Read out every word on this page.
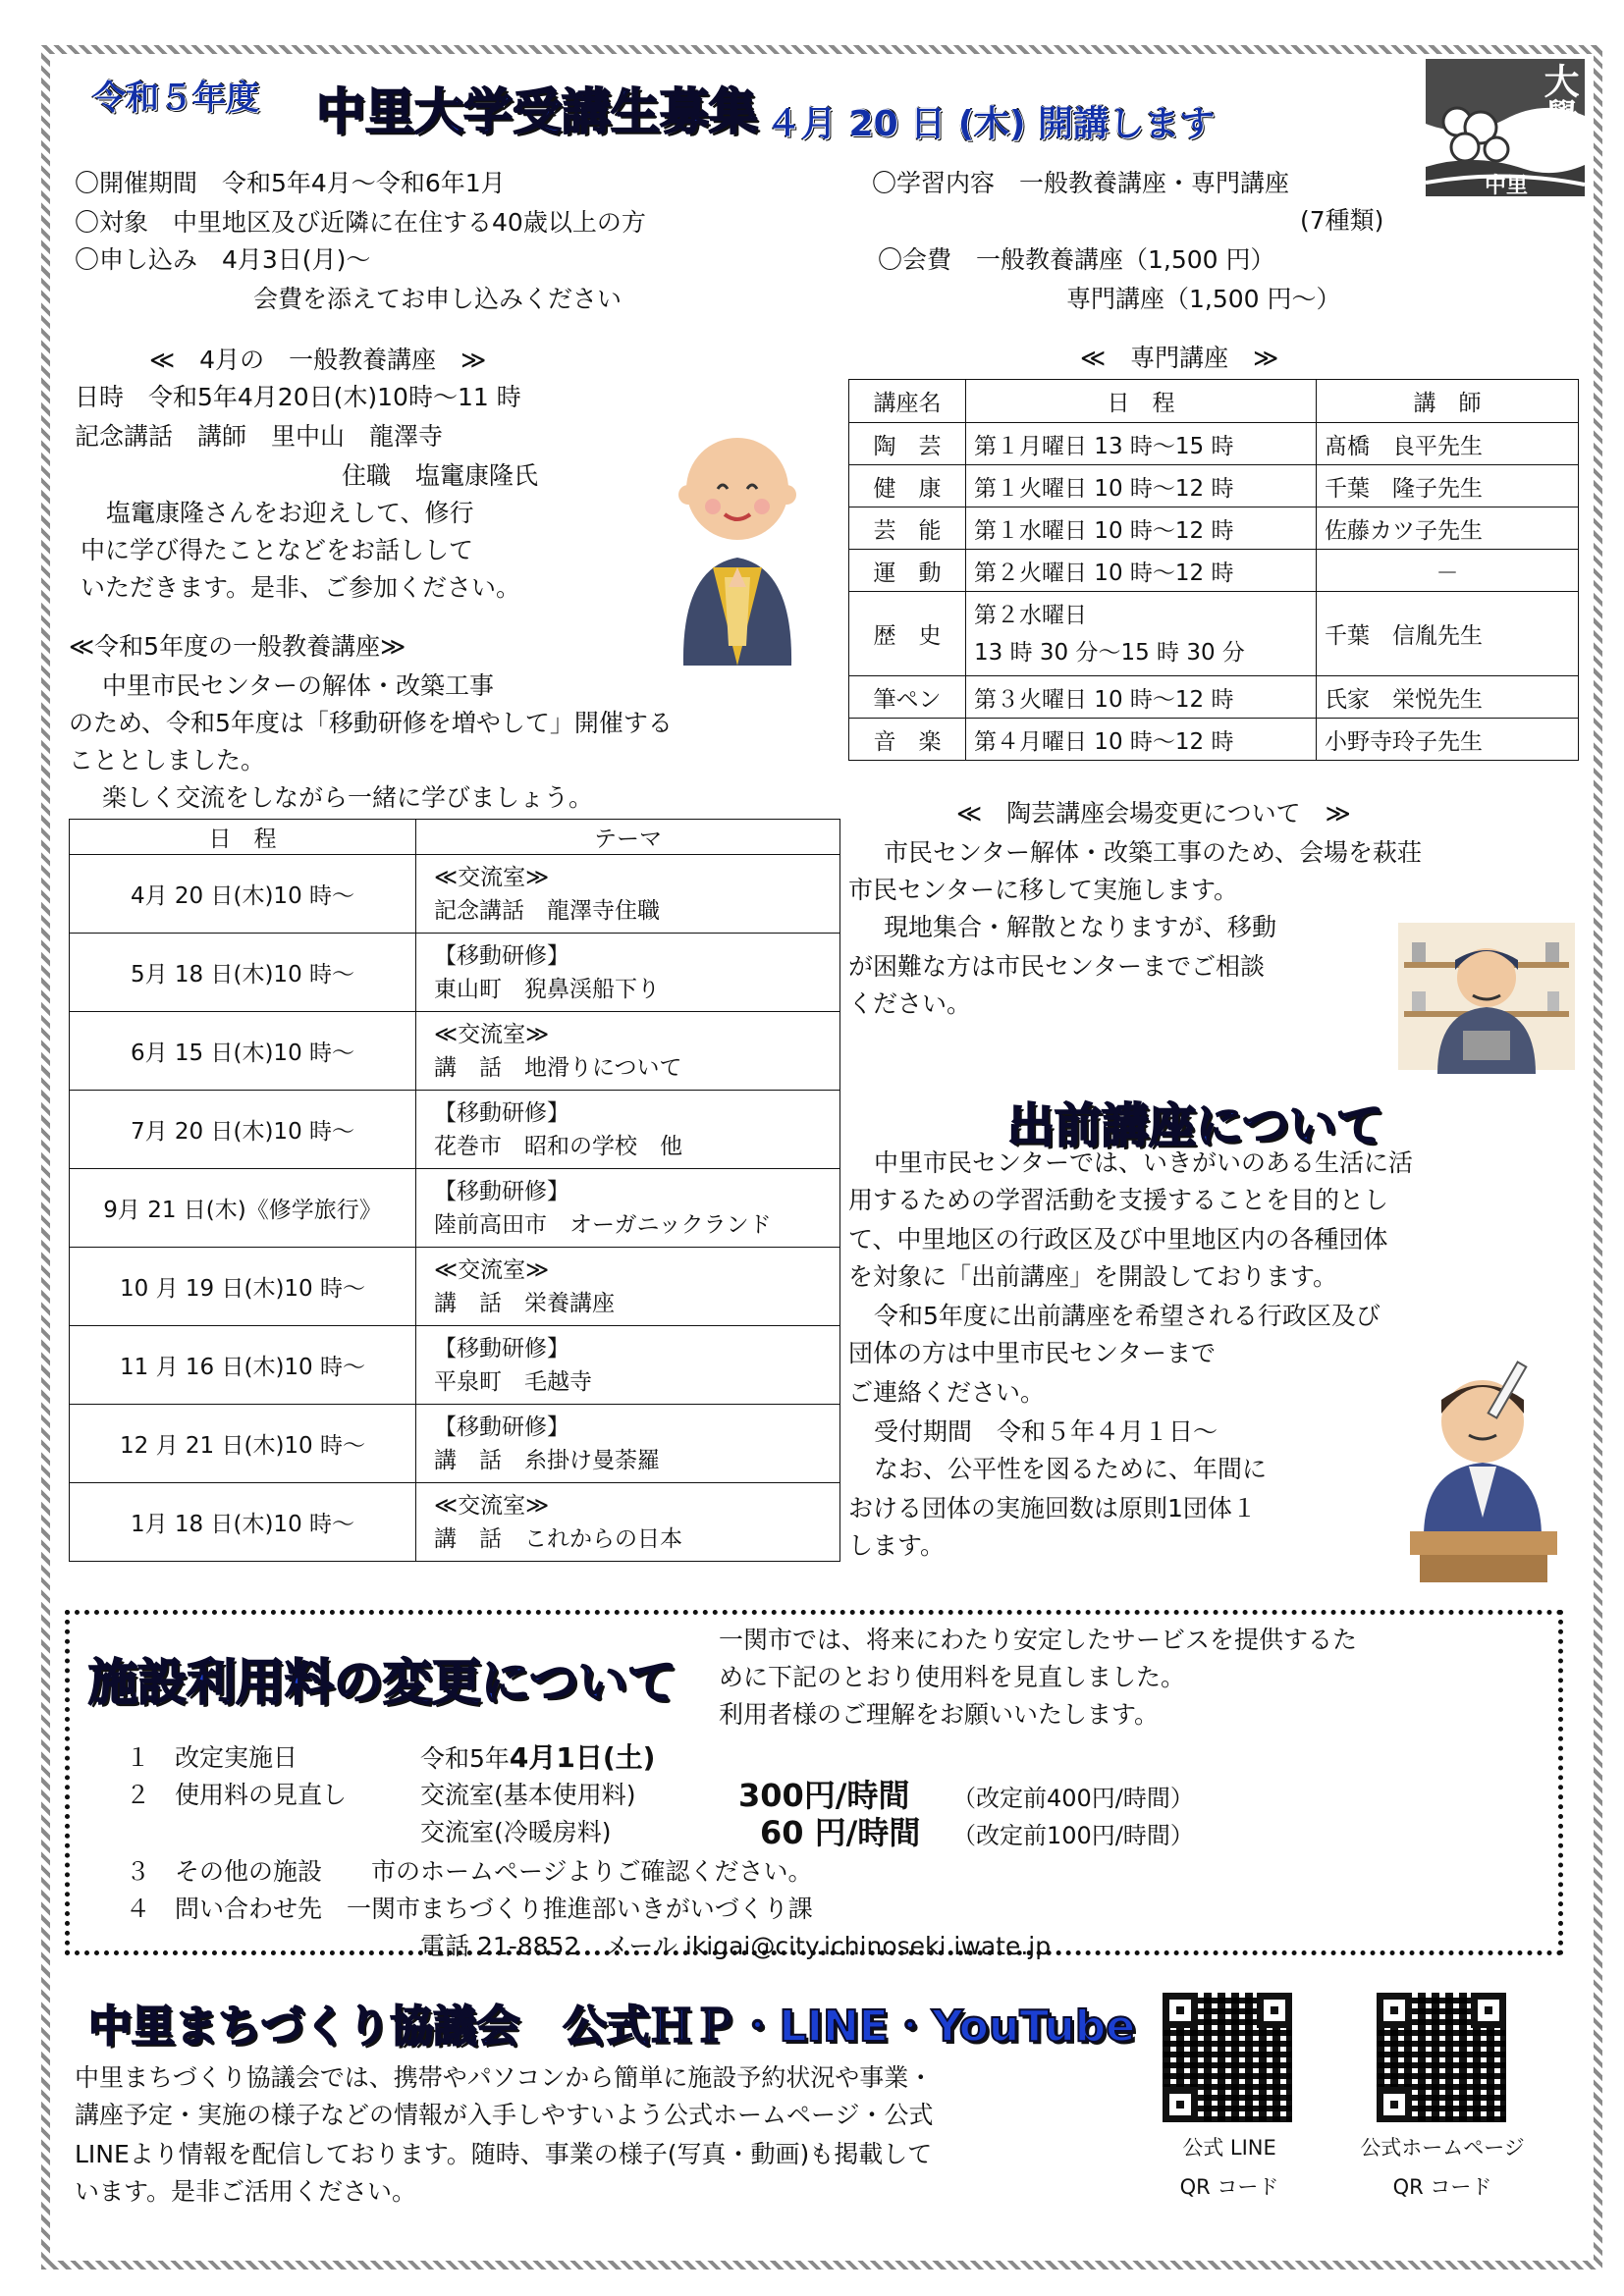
令和５年度 中里大学受講生募集 ４月 20 日 (木) 開講します	大學
中里
〇開催期間　令和5年4月～令和6年1月
〇対象　中里地区及び近隣に在住する40歳以上の方
〇申し込み　4月3日(月)～
会費を添えてお申し込みください
〇学習内容　一般教養講座・専門講座
(7種類)
〇会費　一般教養講座（1,500 円）
専門講座（1,500 円～）
≪　4月の　一般教養講座　≫
日時　令和5年4月20日(木)10時～11 時
記念講話　講師　里中山　龍澤寺
住職　塩竃康隆氏
塩竃康隆さんをお迎えして、修行
中に学び得たことなどをお話しして
いただきます。是非、ご参加ください。
≪令和5年度の一般教養講座≫
中里市民センターの解体・改築工事
のため、令和5年度は「移動研修を増やして」開催する
こととしました。
楽しく交流をしながら一緒に学びましょう。
日　程	テーマ
4月 20 日(木)10 時～	≪交流室≫
記念講話　龍澤寺住職

5月 18 日(木)10 時～	【移動研修】
東山町　猊鼻渓船下り

6月 15 日(木)10 時～	≪交流室≫
講　話　地滑りについて

7月 20 日(木)10 時～	【移動研修】
花巻市　昭和の学校　他

9月 21 日(木)《修学旅行》	【移動研修】
陸前高田市　オーガニックランド

10 月 19 日(木)10 時～	≪交流室≫
講　話　栄養講座

11 月 16 日(木)10 時～	【移動研修】
平泉町　毛越寺

12 月 21 日(木)10 時～	【移動研修】
講　話　糸掛け曼荼羅

1月 18 日(木)10 時～	≪交流室≫
講　話　これからの日本
≪　専門講座　≫
講座名	日　程	講　師
陶　芸	第１月曜日 13 時～15 時	髙橋　良平先生
健　康	第１火曜日 10 時～12 時	千葉　隆子先生
芸　能	第１水曜日 10 時～12 時	佐藤カツ子先生
運　動	第２火曜日 10 時～12 時	－
歴　史	第２水曜日
13 時 30 分～15 時 30 分	千葉　信胤先生
筆ペン	第３火曜日 10 時～12 時	氏家　栄悦先生
音　楽	第４月曜日 10 時～12 時	小野寺玲子先生
≪　陶芸講座会場変更について　≫
市民センター解体・改築工事のため、会場を萩荘
市民センターに移して実施します。
現地集合・解散となりますが、移動
が困難な方は市民センターまでご相談
ください。
出前講座について
中里市民センターでは、いきがいのある生活に活
用するための学習活動を支援することを目的とし
て、中里地区の行政区及び中里地区内の各種団体
を対象に「出前講座」を開設しております。
令和5年度に出前講座を希望される行政区及び
団体の方は中里市民センターまで
ご連絡ください。
受付期間　令和５年４月１日～
なお、公平性を図るために、年間に
おける団体の実施回数は原則1団体１
します。
施設利用料の変更について
一関市では、将来にわたり安定したサービスを提供するた
めに下記のとおり使用料を見直しました。
利用者様のご理解をお願いいたします。
１　改定実施日	令和5年4月1日(土)
２　使用料の見直し	交流室(基本使用料)	300円/時間 （改定前400円/時間）
交流室(冷暖房料)	60 円/時間 （改定前100円/時間）
３　その他の施設　　市のホームページよりご確認ください。
４　問い合わせ先　一関市まちづくり推進部いきがいづくり課
電話 21-8852　メール ikigai@city.ichinoseki.iwate.jp
中里まちづくり協議会　公式ＨＰ・LINE・YouTube
中里まちづくり協議会では、携帯やパソコンから簡単に施設予約状況や事業・
講座予定・実施の様子などの情報が入手しやすいよう公式ホームページ・公式
LINEより情報を配信しております。随時、事業の様子(写真・動画)も掲載して
います。是非ご活用ください。
公式 LINE
QR コード
公式ホームページ
QR コード
